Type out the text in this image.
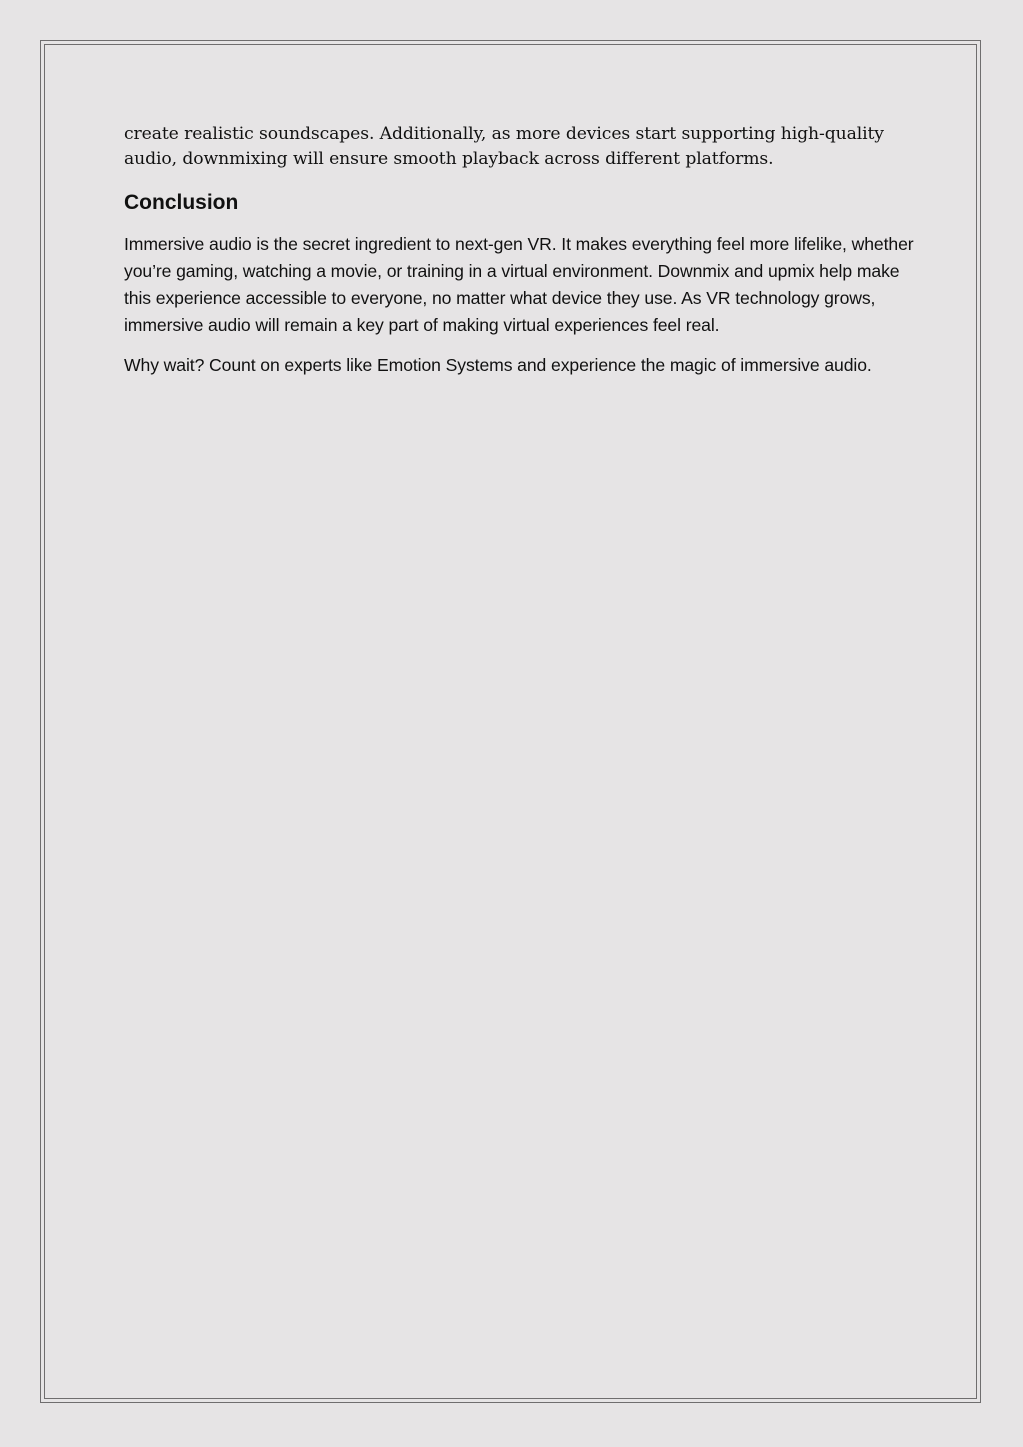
create realistic soundscapes. Additionally, as more devices start supporting high-quality audio, downmixing will ensure smooth playback across different platforms.

Conclusion

Immersive audio is the secret ingredient to next-gen VR. It makes everything feel more lifelike, whether you’re gaming, watching a movie, or training in a virtual environment. Downmix and upmix help make this experience accessible to everyone, no matter what device they use. As VR technology grows, immersive audio will remain a key part of making virtual experiences feel real.

Why wait? Count on experts like Emotion Systems and experience the magic of immersive audio.
